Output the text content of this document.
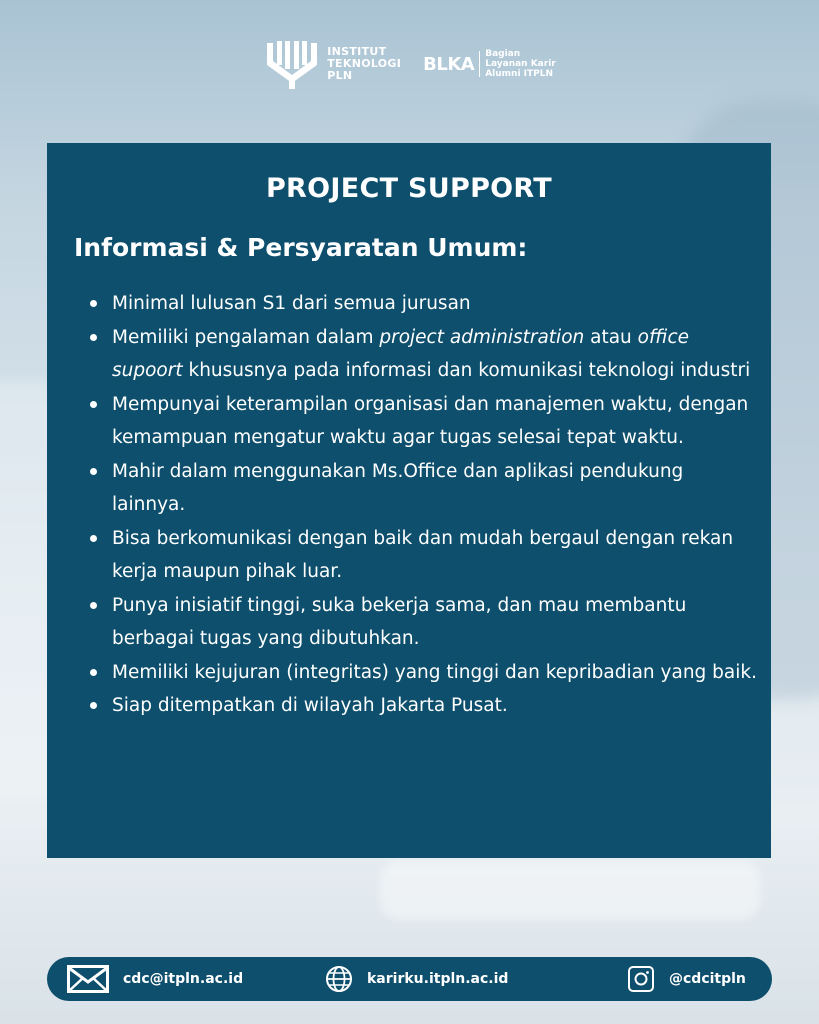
INSTITUT
TEKNOLOGI
PLN
BLKA Bagian
Layanan Karir
Alumni ITPLN
PROJECT SUPPORT
Informasi & Persyaratan Umum:
Minimal lulusan S1 dari semua jurusan
Memiliki pengalaman dalam project administration atau office supoort khususnya pada informasi dan komunikasi teknologi industri
Mempunyai keterampilan organisasi dan manajemen waktu, dengan kemampuan mengatur waktu agar tugas selesai tepat waktu.
Mahir dalam menggunakan Ms.Office dan aplikasi pendukung lainnya.
Bisa berkomunikasi dengan baik dan mudah bergaul dengan rekan kerja maupun pihak luar.
Punya inisiatif tinggi, suka bekerja sama, dan mau membantu berbagai tugas yang dibutuhkan.
Memiliki kejujuran (integritas) yang tinggi dan kepribadian yang baik.
Siap ditempatkan di wilayah Jakarta Pusat.
cdc@itpln.ac.id	karirku.itpln.ac.id	@cdcitpln
